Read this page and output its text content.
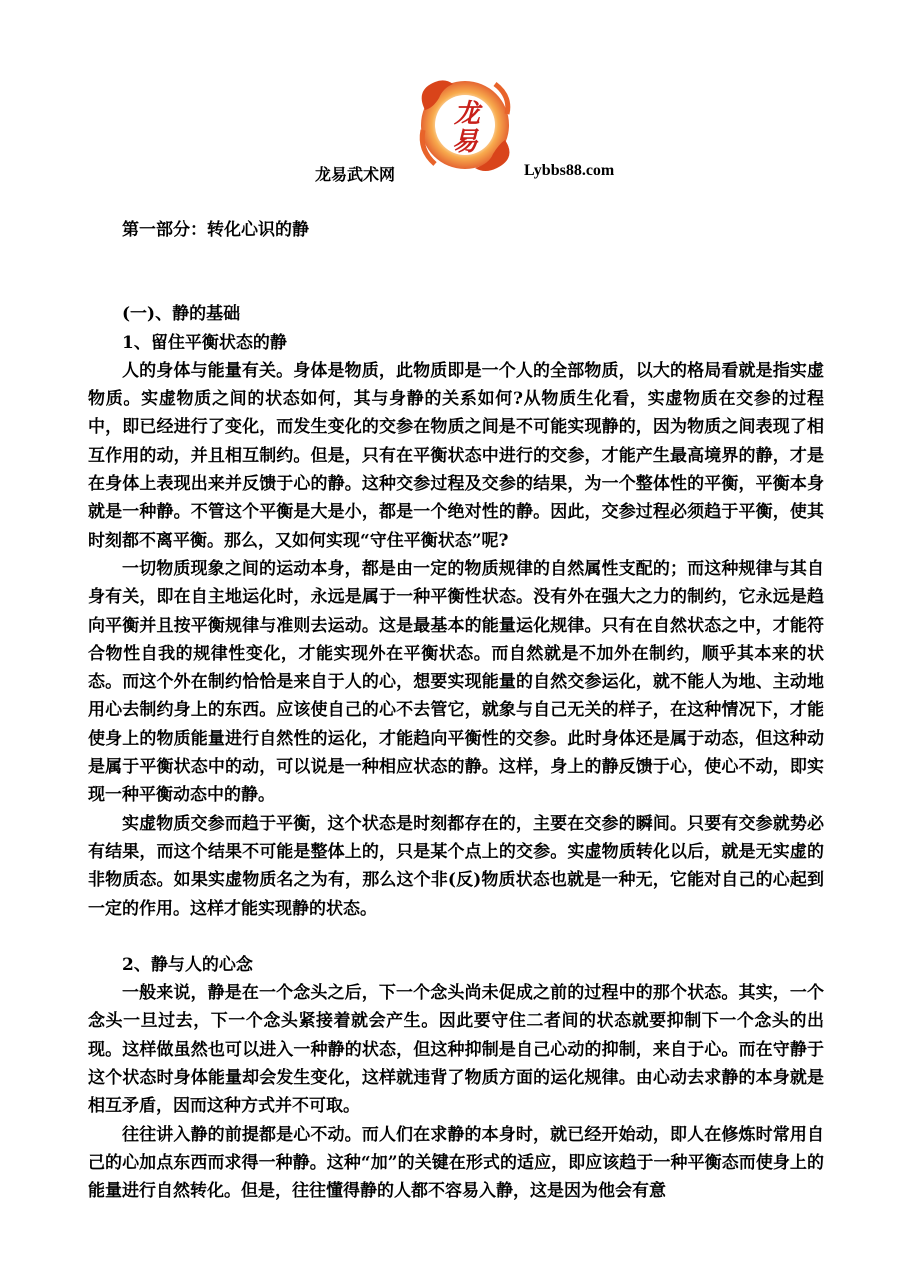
龙
易
龙易武术网	Lybbs88.com
第一部分：转化心识的静
(一)、静的基础
1、留住平衡状态的静

人的身体与能量有关。身体是物质，此物质即是一个人的全部物质，以大的格局看就是指实虚物质。实虚物质之间的状态如何，其与身静的关系如何?从物质生化看，实虚物质在交参的过程中，即已经进行了变化，而发生变化的交参在物质之间是不可能实现静的，因为物质之间表现了相互作用的动，并且相互制约。但是，只有在平衡状态中进行的交参，才能产生最高境界的静，才是在身体上表现出来并反馈于心的静。这种交参过程及交参的结果，为一个整体性的平衡，平衡本身就是一种静。不管这个平衡是大是小，都是一个绝对性的静。因此，交参过程必须趋于平衡，使其时刻都不离平衡。那么，又如何实现“守住平衡状态”呢?

一切物质现象之间的运动本身，都是由一定的物质规律的自然属性支配的；而这种规律与其自身有关，即在自主地运化时，永远是属于一种平衡性状态。没有外在强大之力的制约，它永远是趋向平衡并且按平衡规律与准则去运动。这是最基本的能量运化规律。只有在自然状态之中，才能符合物性自我的规律性变化，才能实现外在平衡状态。而自然就是不加外在制约，顺乎其本来的状态。而这个外在制约恰恰是来自于人的心，想要实现能量的自然交参运化，就不能人为地、主动地用心去制约身上的东西。应该使自己的心不去管它，就象与自己无关的样子，在这种情况下，才能使身上的物质能量进行自然性的运化，才能趋向平衡性的交参。此时身体还是属于动态，但这种动是属于平衡状态中的动，可以说是一种相应状态的静。这样，身上的静反馈于心，使心不动，即实现一种平衡动态中的静。

实虚物质交参而趋于平衡，这个状态是时刻都存在的，主要在交参的瞬间。只要有交参就势必有结果，而这个结果不可能是整体上的，只是某个点上的交参。实虚物质转化以后，就是无实虚的非物质态。如果实虚物质名之为有，那么这个非(反)物质状态也就是一种无，它能对自己的心起到一定的作用。这样才能实现静的状态。

2、静与人的心念

一般来说，静是在一个念头之后，下一个念头尚未促成之前的过程中的那个状态。其实，一个念头一旦过去，下一个念头紧接着就会产生。因此要守住二者间的状态就要抑制下一个念头的出现。这样做虽然也可以进入一种静的状态，但这种抑制是自己心动的抑制，来自于心。而在守静于这个状态时身体能量却会发生变化，这样就违背了物质方面的运化规律。由心动去求静的本身就是相互矛盾，因而这种方式并不可取。

往往讲入静的前提都是心不动。而人们在求静的本身时，就已经开始动，即人在修炼时常用自己的心加点东西而求得一种静。这种“加”的关键在形式的适应，即应该趋于一种平衡态而使身上的能量进行自然转化。但是，往往懂得静的人都不容易入静，这是因为他会有意
